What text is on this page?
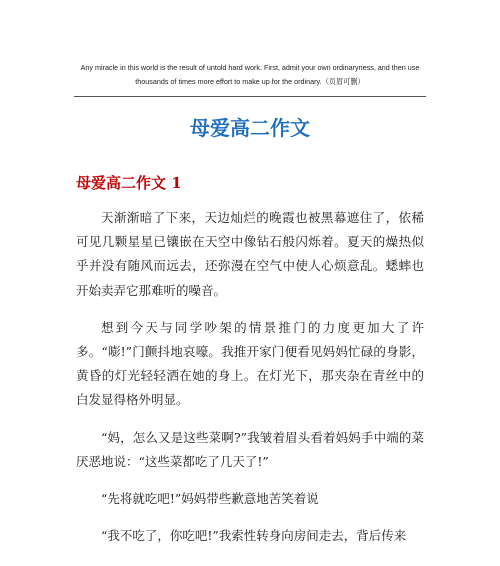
Any miracle in this world is the result of untold hard work. First, admit your own ordinaryness, and then use
thousands of times more effort to make up for the ordinary.（页眉可删）
母爱高二作文
母爱高二作文 1

天渐渐暗了下来，天边灿烂的晚霞也被黑幕遮住了，依稀可见几颗星星已镶嵌在天空中像钻石般闪烁着。夏天的燥热似乎并没有随风而远去，还弥漫在空气中使人心烦意乱。蟋蟀也开始卖弄它那难听的噪音。

想到今天与同学吵架的情景推门的力度更加大了许多。“嘭!”门颤抖地哀嚎。我推开家门便看见妈妈忙碌的身影，黄昏的灯光轻轻洒在她的身上。在灯光下，那夹杂在青丝中的白发显得格外明显。

“妈，怎么又是这些菜啊?”我皱着眉头看着妈妈手中端的菜厌恶地说：“这些菜都吃了几天了!”

“先将就吃吧!”妈妈带些歉意地苦笑着说

“我不吃了，你吃吧!”我索性转身向房间走去，背后传来
